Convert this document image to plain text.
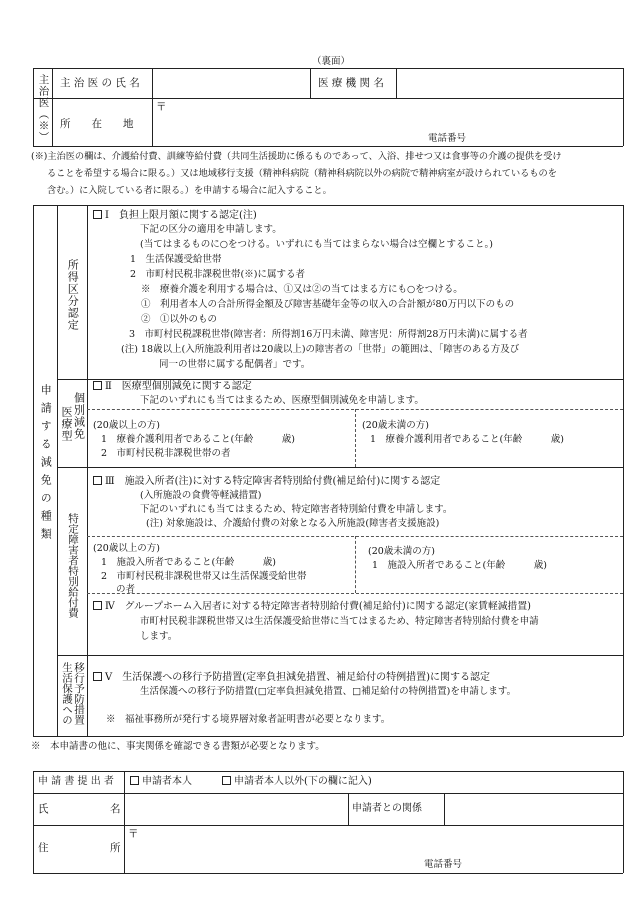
（裏面）
主治医（※） 主 治 医 の 氏 名	医 療 機 関 名
所　　在　　地
〒
電話番号
(※)主治医の欄は、介護給付費、訓練等給付費（共同生活援助に係るものであって、入浴、排せつ又は食事等の介護の提供を受け
ることを希望する場合に限る。）又は地域移行支援（精神科病院（精神科病院以外の病院で精神病室が設けられているものを
含む。）に入院している者に限る。）を申請する場合に記入すること。
申請する減免の種類
所得区分認定
Ⅰ　負担上限月額に関する認定(注)
下記の区分の適用を申請します。
(当てはまるものに○をつける。いずれにも当てはまらない場合は空欄とすること。)
1　生活保護受給世帯
2　市町村民税非課税世帯(※)に属する者
※　療養介護を利用する場合は、①又は②の当てはまる方にも○をつける。
①　利用者本人の合計所得金額及び障害基礎年金等の収入の合計額が80万円以下のもの
②　①以外のもの
3　市町村民税課税世帯(障害者：所得割16万円未満、障害児：所得割28万円未満)に属する者
(注) 18歳以上(入所施設利用者は20歳以上)の障害者の「世帯」の範囲は、「障害のある方及び
同一の世帯に属する配偶者」です。
医療型 個別減免
Ⅱ　医療型個別減免に関する認定
下記のいずれにも当てはまるため、医療型個別減免を申請します。
(20歳以上の方)
1　療養介護利用者であること(年齢　　　歳)
2　市町村民税非課税世帯の者
(20歳未満の方)
1　療養介護利用者であること(年齢　　　歳)
特定障害者特別給付費
Ⅲ　施設入所者(注)に対する特定障害者特別給付費(補足給付)に関する認定
(入所施設の食費等軽減措置)
下記のいずれにも当てはまるため、特定障害者特別給付費を申請します。
(注) 対象施設は、介護給付費の対象となる入所施設(障害者支援施設)
(20歳以上の方)
1　施設入所者であること(年齢　　　歳)
2　市町村民税非課税世帯又は生活保護受給世帯
の者
(20歳未満の方)
1　施設入所者であること(年齢　　　歳)
Ⅳ　グループホーム入居者に対する特定障害者特別給付費(補足給付)に関する認定(家賃軽減措置)
市町村民税非課税世帯又は生活保護受給世帯に当てはまるため、特定障害者特別給付費を申請
します。
生活保護への 移行予防措置	Ⅴ　生活保護への移行予防措置(定率負担減免措置、補足給付の特例措置)に関する認定
生活保護への移行予防措置(□定率負担減免措置、□補足給付の特例措置)を申請します。
※　福祉事務所が発行する境界層対象者証明書が必要となります。
※　本申請書の他に、事実関係を確認できる書類が必要となります。
申 請 書 提 出 者	申請者本人	申請者本人以外(下の欄に記入)
氏	名	申請者との関係
住	所
〒
電話番号
